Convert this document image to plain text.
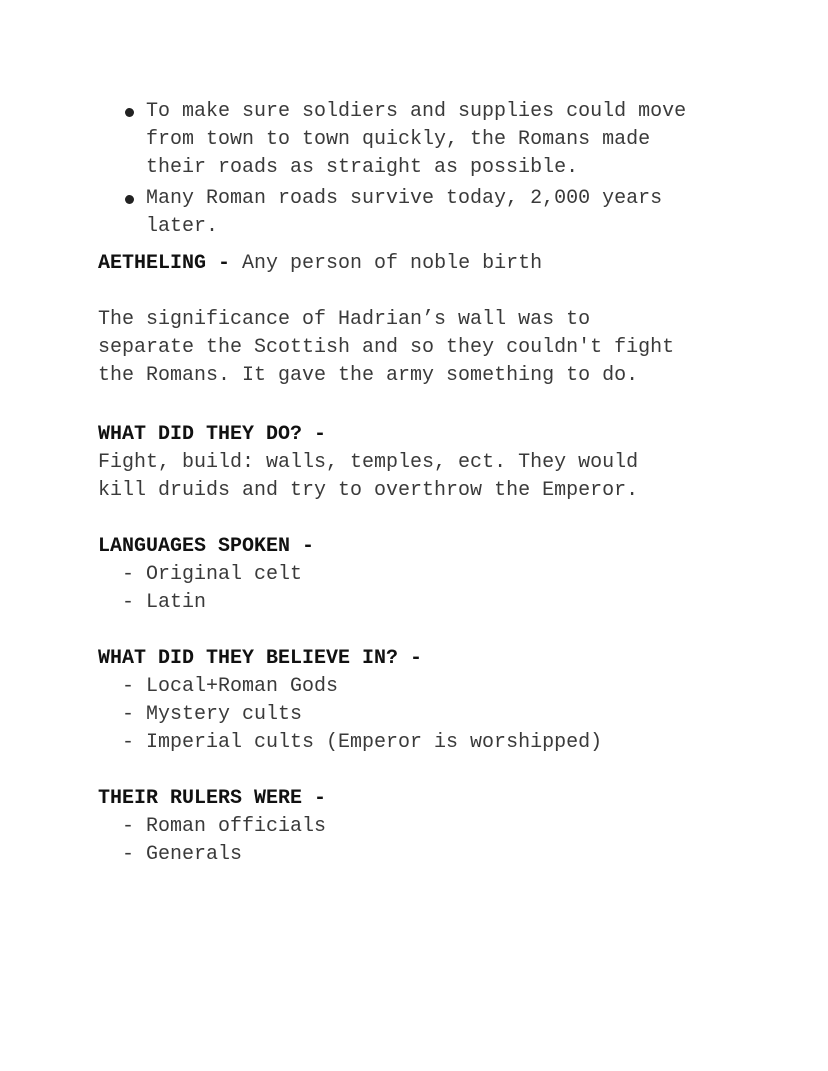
To make sure soldiers and supplies could move
from town to town quickly, the Romans made
their roads as straight as possible.
Many Roman roads survive today, 2,000 years
later.
AETHELING - Any person of noble birth
The significance of Hadrian’s wall was to
separate the Scottish and so they couldn't fight
the Romans. It gave the army something to do.
WHAT DID THEY DO? -
Fight, build: walls, temples, ect. They would
kill druids and try to overthrow the Emperor.
LANGUAGES SPOKEN -
- Original celt
- Latin
WHAT DID THEY BELIEVE IN? -
- Local+Roman Gods
- Mystery cults
- Imperial cults (Emperor is worshipped)
THEIR RULERS WERE -
- Roman officials
- Generals
